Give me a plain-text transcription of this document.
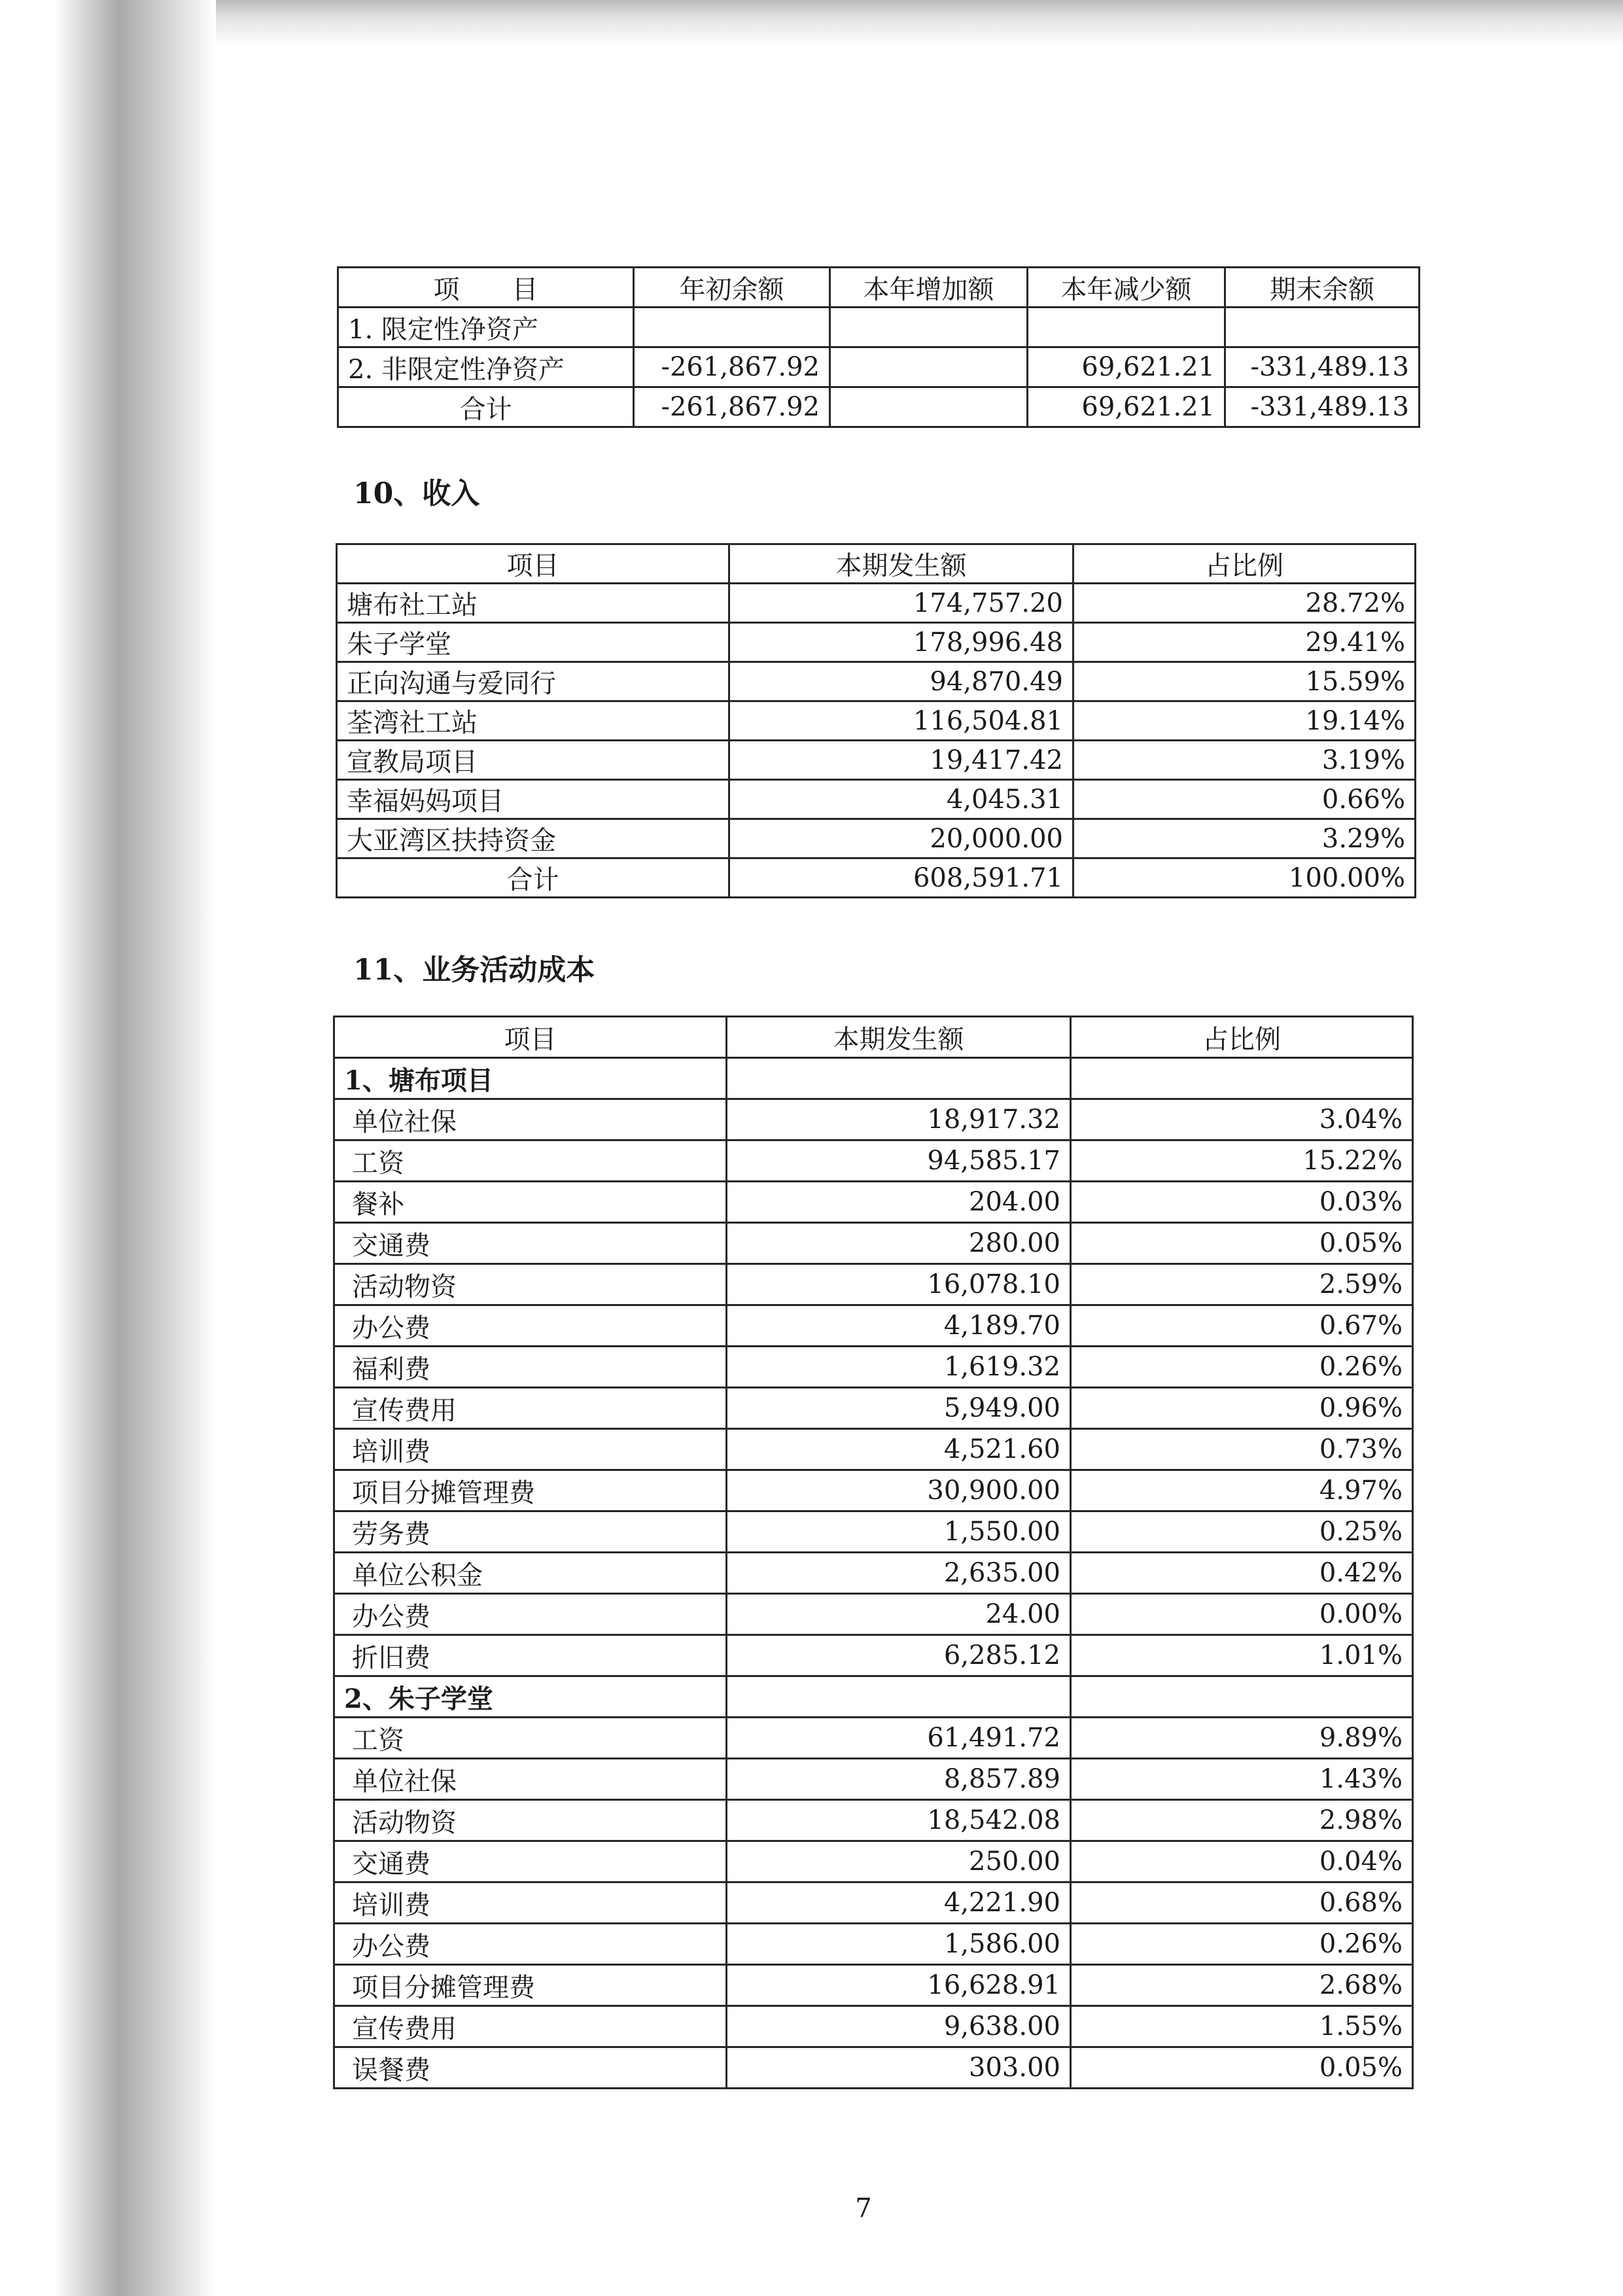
项　　目	年初余额	本年增加额	本年减少额	期末余额
1. 限定性净资产				
2. 非限定性净资产	-261,867.92		69,621.21	-331,489.13
合计	-261,867.92		69,621.21	-331,489.13
10、收入
项目	本期发生额	占比例
塘布社工站	174,757.20	28.72%
朱子学堂	178,996.48	29.41%
正向沟通与爱同行	94,870.49	15.59%
荃湾社工站	116,504.81	19.14%
宣教局项目	19,417.42	3.19%
幸福妈妈项目	4,045.31	0.66%
大亚湾区扶持资金	20,000.00	3.29%
合计	608,591.71	100.00%
11、业务活动成本
项目	本期发生额	占比例
1、塘布项目		
单位社保	18,917.32	3.04%
工资	94,585.17	15.22%
餐补	204.00	0.03%
交通费	280.00	0.05%
活动物资	16,078.10	2.59%
办公费	4,189.70	0.67%
福利费	1,619.32	0.26%
宣传费用	5,949.00	0.96%
培训费	4,521.60	0.73%
项目分摊管理费	30,900.00	4.97%
劳务费	1,550.00	0.25%
单位公积金	2,635.00	0.42%
办公费	24.00	0.00%
折旧费	6,285.12	1.01%
2、朱子学堂		
工资	61,491.72	9.89%
单位社保	8,857.89	1.43%
活动物资	18,542.08	2.98%
交通费	250.00	0.04%
培训费	4,221.90	0.68%
办公费	1,586.00	0.26%
项目分摊管理费	16,628.91	2.68%
宣传费用	9,638.00	1.55%
误餐费	303.00	0.05%
7
